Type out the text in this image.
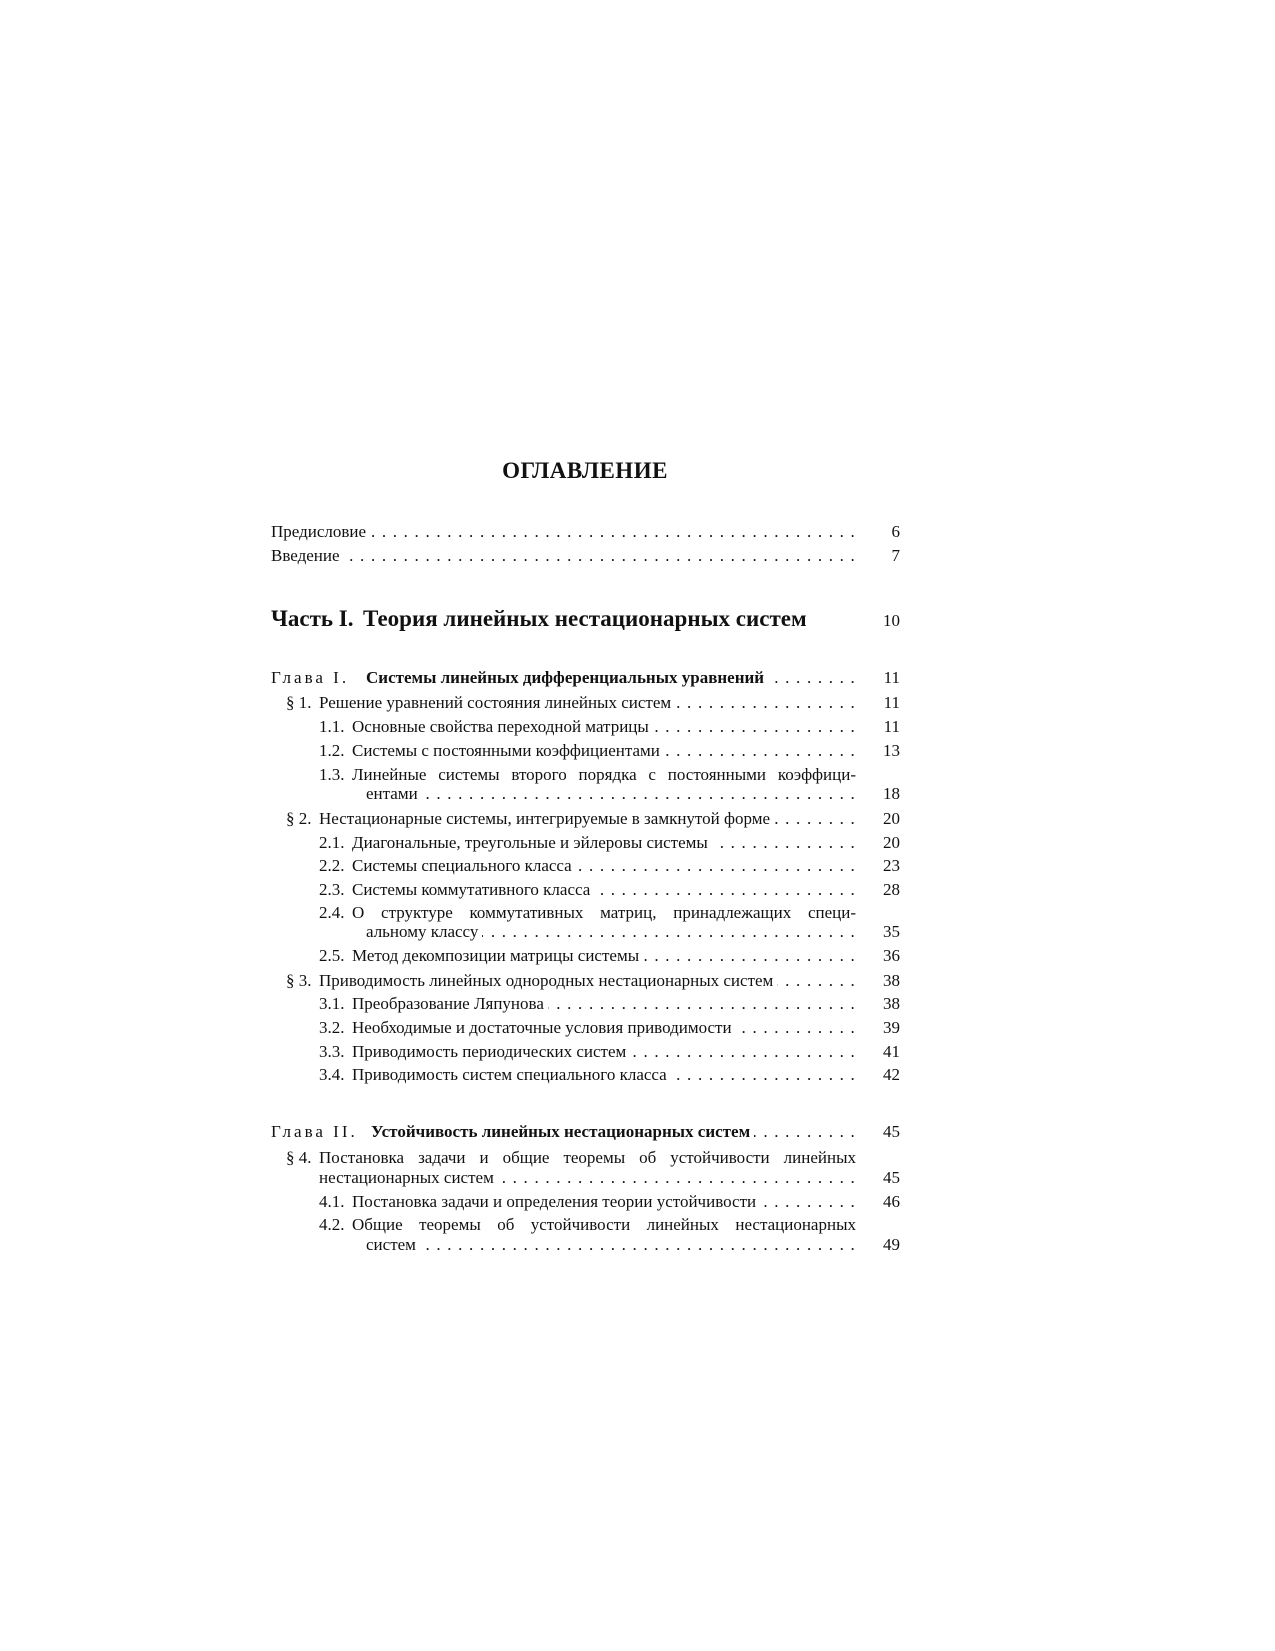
ОГЛАВЛЕНИЕ
Предисловие . . .	6
Введение . . .	7
Часть I. Теория линейных нестационарных систем	10
Глава I. Системы линейных дифференциальных уравнений . . .	11
§ 1. Решение уравнений состояния линейных систем . . .	11
1.1. Основные свойства переходной матрицы . . .	11
1.2. Системы с постоянными коэффициентами . . .	13
1.3. Линейные системы второго порядка с постоянными коэффици-
ентами . . .	18
§ 2. Нестационарные системы, интегрируемые в замкнутой форме . . .	20
2.1. Диагональные, треугольные и эйлеровы системы . . .	20
2.2. Системы специального класса . . .	23
2.3. Системы коммутативного класса . . .	28
2.4. О структуре коммутативных матриц, принадлежащих специ-
альному классу . . .	35
2.5. Метод декомпозиции матрицы системы . . .	36
§ 3. Приводимость линейных однородных нестационарных систем . . .	38
3.1. Преобразование Ляпунова . . .	38
3.2. Необходимые и достаточные условия приводимости . . .	39
3.3. Приводимость периодических систем . . .	41
3.4. Приводимость систем специального класса . . .	42
Глава II. Устойчивость линейных нестационарных систем . . .	45
§ 4. Постановка задачи и общие теоремы об устойчивости линейных
нестационарных систем . . .	45
4.1. Постановка задачи и определения теории устойчивости . . .	46
4.2. Общие теоремы об устойчивости линейных нестационарных
систем . . .	49
